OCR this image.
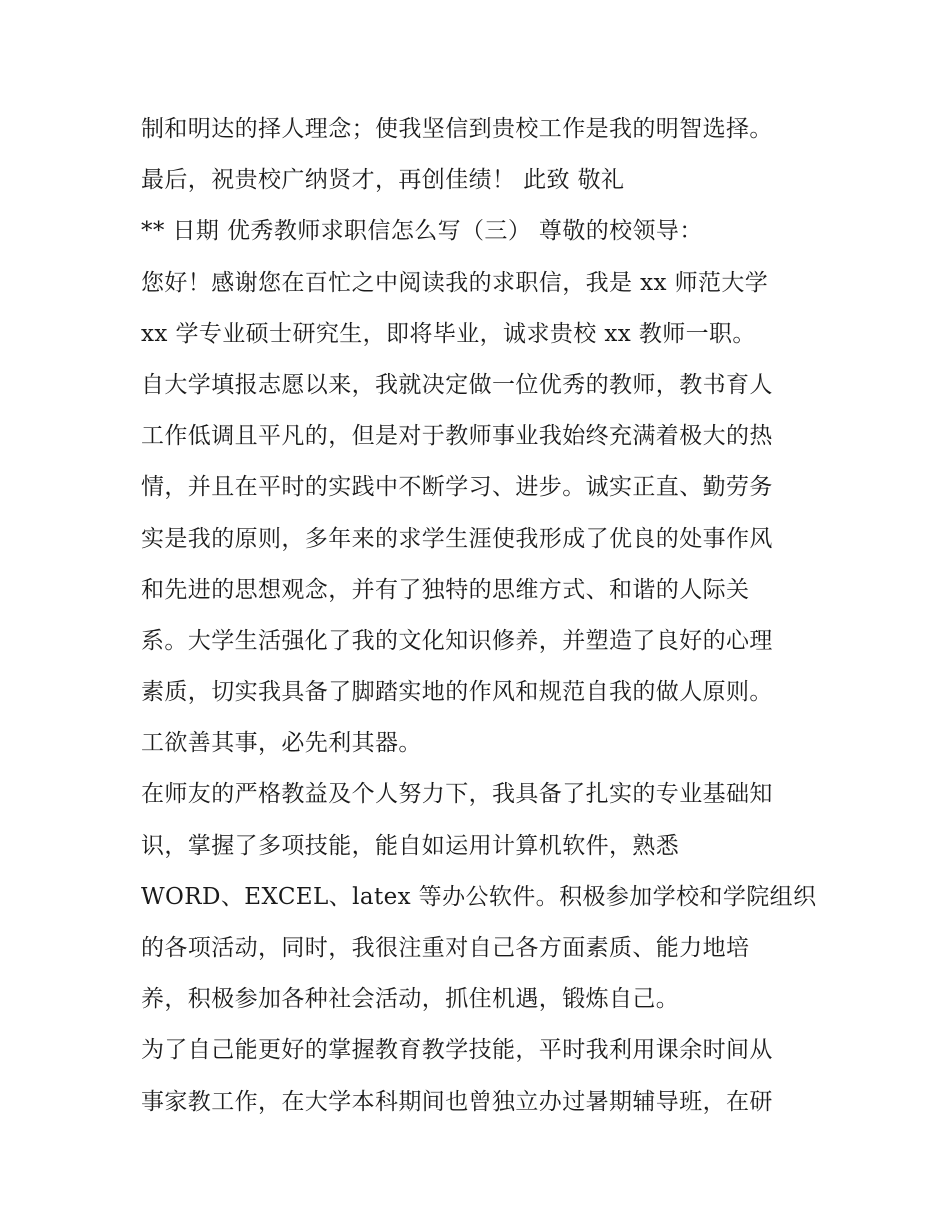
制和明达的择人理念；使我坚信到贵校工作是我的明智选择。
最后，祝贵校广纳贤才，再创佳绩！ 此致 敬礼
** 日期 优秀教师求职信怎么写（三） 尊敬的校领导：
您好！感谢您在百忙之中阅读我的求职信，我是 xx 师范大学
xx 学专业硕士研究生，即将毕业，诚求贵校 xx 教师一职。
自大学填报志愿以来，我就决定做一位优秀的教师，教书育人
工作低调且平凡的，但是对于教师事业我始终充满着极大的热
情，并且在平时的实践中不断学习、进步。诚实正直、勤劳务
实是我的原则，多年来的求学生涯使我形成了优良的处事作风
和先进的思想观念，并有了独特的思维方式、和谐的人际关
系。大学生活强化了我的文化知识修养，并塑造了良好的心理
素质，切实我具备了脚踏实地的作风和规范自我的做人原则。
工欲善其事，必先利其器。
在师友的严格教益及个人努力下，我具备了扎实的专业基础知
识，掌握了多项技能，能自如运用计算机软件，熟悉
WORD、EXCEL、latex 等办公软件。积极参加学校和学院组织
的各项活动，同时，我很注重对自己各方面素质、能力地培
养，积极参加各种社会活动，抓住机遇，锻炼自己。
为了自己能更好的掌握教育教学技能，平时我利用课余时间从
事家教工作，在大学本科期间也曾独立办过暑期辅导班，在研
